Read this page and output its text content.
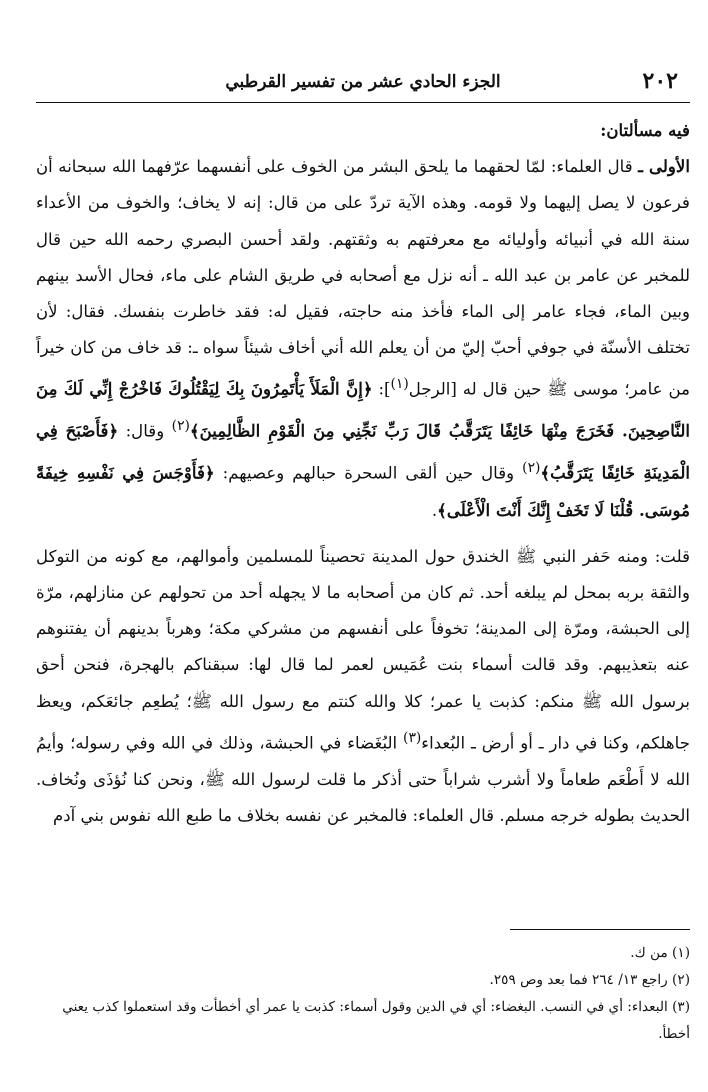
٢٠٢
الجزء الحادي عشر من تفسير القرطبي

فيه مسألتان:

الأولى ـ قال العلماء: لمّا لحقهما ما يلحق البشر من الخوف على أنفسهما عرّفهما الله سبحانه أن فرعون لا يصل إليهما ولا قومه. وهذه الآية تردّ على من قال: إنه لا يخاف؛ والخوف من الأعداء سنة الله في أنبيائه وأوليائه مع معرفتهم به وثقتهم. ولقد أحسن البصري رحمه الله حين قال للمخبر عن عامر بن عبد الله ـ أنه نزل مع أصحابه في طريق الشام على ماء، فحال الأسد بينهم وبين الماء، فجاء عامر إلى الماء فأخذ منه حاجته، فقيل له: فقد خاطرت بنفسك. فقال: لأن تختلف الأسنّة في جوفي أحبّ إليّ من أن يعلم الله أني أخاف شيئاً سواه ـ: قد خاف من كان خيراً من عامر؛ موسى ﷺ حين قال له [الرجل$^{(١)}$]: ﴿إِنَّ الْمَلَأَ يَأْتَمِرُونَ بِكَ لِيَقْتُلُوكَ فَاخْرُجْ إِنِّي لَكَ مِنَ النَّاصِحِينَ. فَخَرَجَ مِنْهَا خَائِفًا يَتَرَقَّبُ قَالَ رَبِّ نَجِّنِي مِنَ الْقَوْمِ الظَّالِمِينَ﴾$^{(٢)}$ وقال: ﴿فَأَصْبَحَ فِي الْمَدِينَةِ خَائِفًا يَتَرَقَّبُ﴾$^{(٢)}$ وقال حين ألقى السحرة حبالهم وعصيهم: ﴿فَأَوْجَسَ فِي نَفْسِهِ خِيفَةً مُوسَى. قُلْنَا لَا تَخَفْ إِنَّكَ أَنْتَ الْأَعْلَى﴾.

قلت: ومنه حَفر النبي ﷺ الخندق حول المدينة تحصيناً للمسلمين وأموالهم، مع كونه من التوكل والثقة بربه بمحل لم يبلغه أحد. ثم كان من أصحابه ما لا يجهله أحد من تحولهم عن منازلهم، مرّة إلى الحبشة، ومرّة إلى المدينة؛ تخوفاً على أنفسهم من مشركي مكة؛ وهرباً بدينهم أن يفتنوهم عنه بتعذيبهم. وقد قالت أسماء بنت عُمَيس لعمر لما قال لها: سبقناكم بالهجرة، فنحن أحق برسول الله ﷺ منكم: كذبت يا عمر؛ كلا والله كنتم مع رسول الله ﷺ؛ يُطعِم جائعَكم، ويعظ جاهلكم، وكنا في دار ـ أو أرض ـ البُعداء$^{(٣)}$ البُغَضاء في الحبشة، وذلك في الله وفي رسوله؛ وأيمُ الله لا أَطْعَم طعاماً ولا أشرب شراباً حتى أذكر ما قلت لرسول الله ﷺ، ونحن كنا نُؤذَى ونُخاف. الحديث بطوله خرجه مسلم. قال العلماء: فالمخبر عن نفسه بخلاف ما طبع الله نفوس بني آدم

(١) من ك.
(٢) راجع ١٣/ ٢٦٤ فما بعد وص ٢٥٩.
(٣) البعداء: أي في النسب. البغضاء: أي في الدين وقول أسماء: كذبت يا عمر أي أخطأت وقد استعملوا كذب يعني أخطأ.
